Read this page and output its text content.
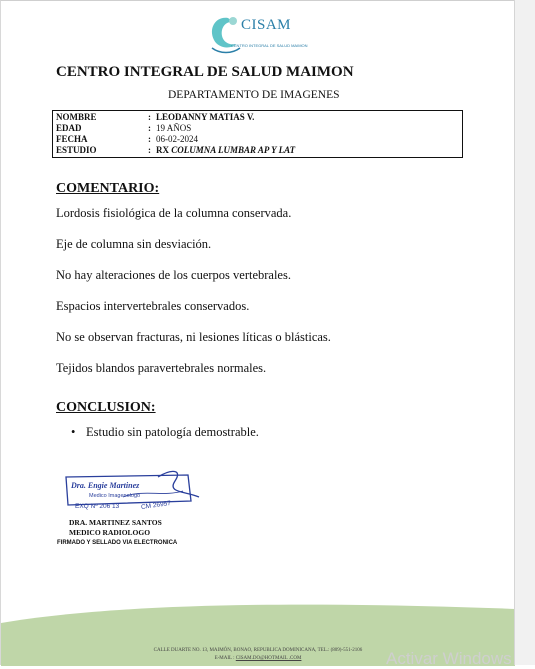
CISAM
CENTRO INTEGRAL DE SALUD MAIMON
CENTRO INTEGRAL DE SALUD MAIMON
DEPARTAMENTO DE IMAGENES
NOMBRE	: LEODANNY MATIAS V.
EDAD	: 19 AÑOS
FECHA	: 06-02-2024
ESTUDIO	: RX COLUMNA LUMBAR AP Y LAT
COMENTARIO:
Lordosis fisiológica de la columna conservada.
Eje de columna sin desviación.
No hay alteraciones de los cuerpos vertebrales.
Espacios intervertebrales conservados.
No se observan fracturas, ni lesiones líticas o blásticas.
Tejidos blandos paravertebrales normales.
CONCLUSION:
• Estudio sin patología demostrable.
Dra. Engie Martinez
Medico Imagenologo
EXQ Nº 206 13	CM 26957
DRA. MARTINEZ SANTOS
MEDICO RADIOLOGO
FIRMADO Y SELLADO VIA ELECTRONICA
CALLE DUARTE NO. 13, MAIMÓN, BONAO, REPUBLICA DOMINICANA, TEL.: (809)-551-2106
E-MAIL : CISAM.DO@HOTMAIL .COM	Activar Windows
